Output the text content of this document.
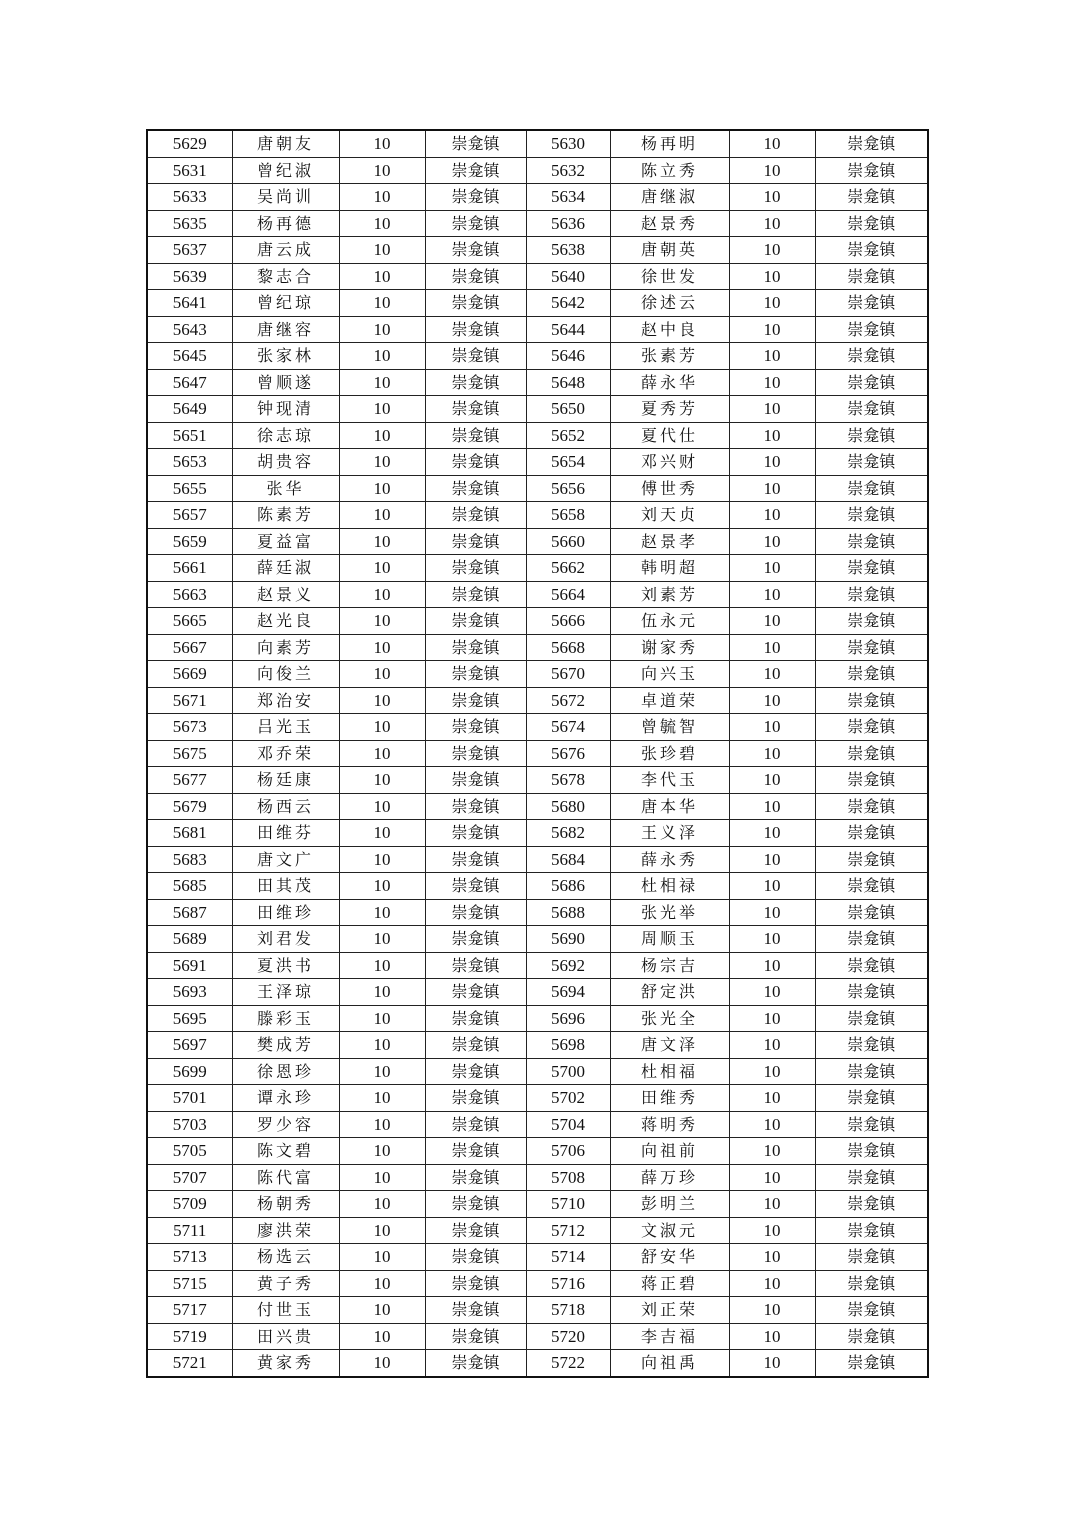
5629	唐朝友	10	崇龛镇	5630	杨再明	10	崇龛镇
5631	曾纪淑	10	崇龛镇	5632	陈立秀	10	崇龛镇
5633	吴尚训	10	崇龛镇	5634	唐继淑	10	崇龛镇
5635	杨再德	10	崇龛镇	5636	赵景秀	10	崇龛镇
5637	唐云成	10	崇龛镇	5638	唐朝英	10	崇龛镇
5639	黎志合	10	崇龛镇	5640	徐世发	10	崇龛镇
5641	曾纪琼	10	崇龛镇	5642	徐述云	10	崇龛镇
5643	唐继容	10	崇龛镇	5644	赵中良	10	崇龛镇
5645	张家林	10	崇龛镇	5646	张素芳	10	崇龛镇
5647	曾顺遂	10	崇龛镇	5648	薛永华	10	崇龛镇
5649	钟现清	10	崇龛镇	5650	夏秀芳	10	崇龛镇
5651	徐志琼	10	崇龛镇	5652	夏代仕	10	崇龛镇
5653	胡贵容	10	崇龛镇	5654	邓兴财	10	崇龛镇
5655	张华	10	崇龛镇	5656	傅世秀	10	崇龛镇
5657	陈素芳	10	崇龛镇	5658	刘天贞	10	崇龛镇
5659	夏益富	10	崇龛镇	5660	赵景孝	10	崇龛镇
5661	薛廷淑	10	崇龛镇	5662	韩明超	10	崇龛镇
5663	赵景义	10	崇龛镇	5664	刘素芳	10	崇龛镇
5665	赵光良	10	崇龛镇	5666	伍永元	10	崇龛镇
5667	向素芳	10	崇龛镇	5668	谢家秀	10	崇龛镇
5669	向俊兰	10	崇龛镇	5670	向兴玉	10	崇龛镇
5671	郑治安	10	崇龛镇	5672	卓道荣	10	崇龛镇
5673	吕光玉	10	崇龛镇	5674	曾毓智	10	崇龛镇
5675	邓乔荣	10	崇龛镇	5676	张珍碧	10	崇龛镇
5677	杨廷康	10	崇龛镇	5678	李代玉	10	崇龛镇
5679	杨西云	10	崇龛镇	5680	唐本华	10	崇龛镇
5681	田维芬	10	崇龛镇	5682	王义泽	10	崇龛镇
5683	唐文广	10	崇龛镇	5684	薛永秀	10	崇龛镇
5685	田其茂	10	崇龛镇	5686	杜相禄	10	崇龛镇
5687	田维珍	10	崇龛镇	5688	张光举	10	崇龛镇
5689	刘君发	10	崇龛镇	5690	周顺玉	10	崇龛镇
5691	夏洪书	10	崇龛镇	5692	杨宗吉	10	崇龛镇
5693	王泽琼	10	崇龛镇	5694	舒定洪	10	崇龛镇
5695	滕彩玉	10	崇龛镇	5696	张光全	10	崇龛镇
5697	樊成芳	10	崇龛镇	5698	唐文泽	10	崇龛镇
5699	徐恩珍	10	崇龛镇	5700	杜相福	10	崇龛镇
5701	谭永珍	10	崇龛镇	5702	田维秀	10	崇龛镇
5703	罗少容	10	崇龛镇	5704	蒋明秀	10	崇龛镇
5705	陈文碧	10	崇龛镇	5706	向祖前	10	崇龛镇
5707	陈代富	10	崇龛镇	5708	薛万珍	10	崇龛镇
5709	杨朝秀	10	崇龛镇	5710	彭明兰	10	崇龛镇
5711	廖洪荣	10	崇龛镇	5712	文淑元	10	崇龛镇
5713	杨选云	10	崇龛镇	5714	舒安华	10	崇龛镇
5715	黄子秀	10	崇龛镇	5716	蒋正碧	10	崇龛镇
5717	付世玉	10	崇龛镇	5718	刘正荣	10	崇龛镇
5719	田兴贵	10	崇龛镇	5720	李吉福	10	崇龛镇
5721	黄家秀	10	崇龛镇	5722	向祖禹	10	崇龛镇
